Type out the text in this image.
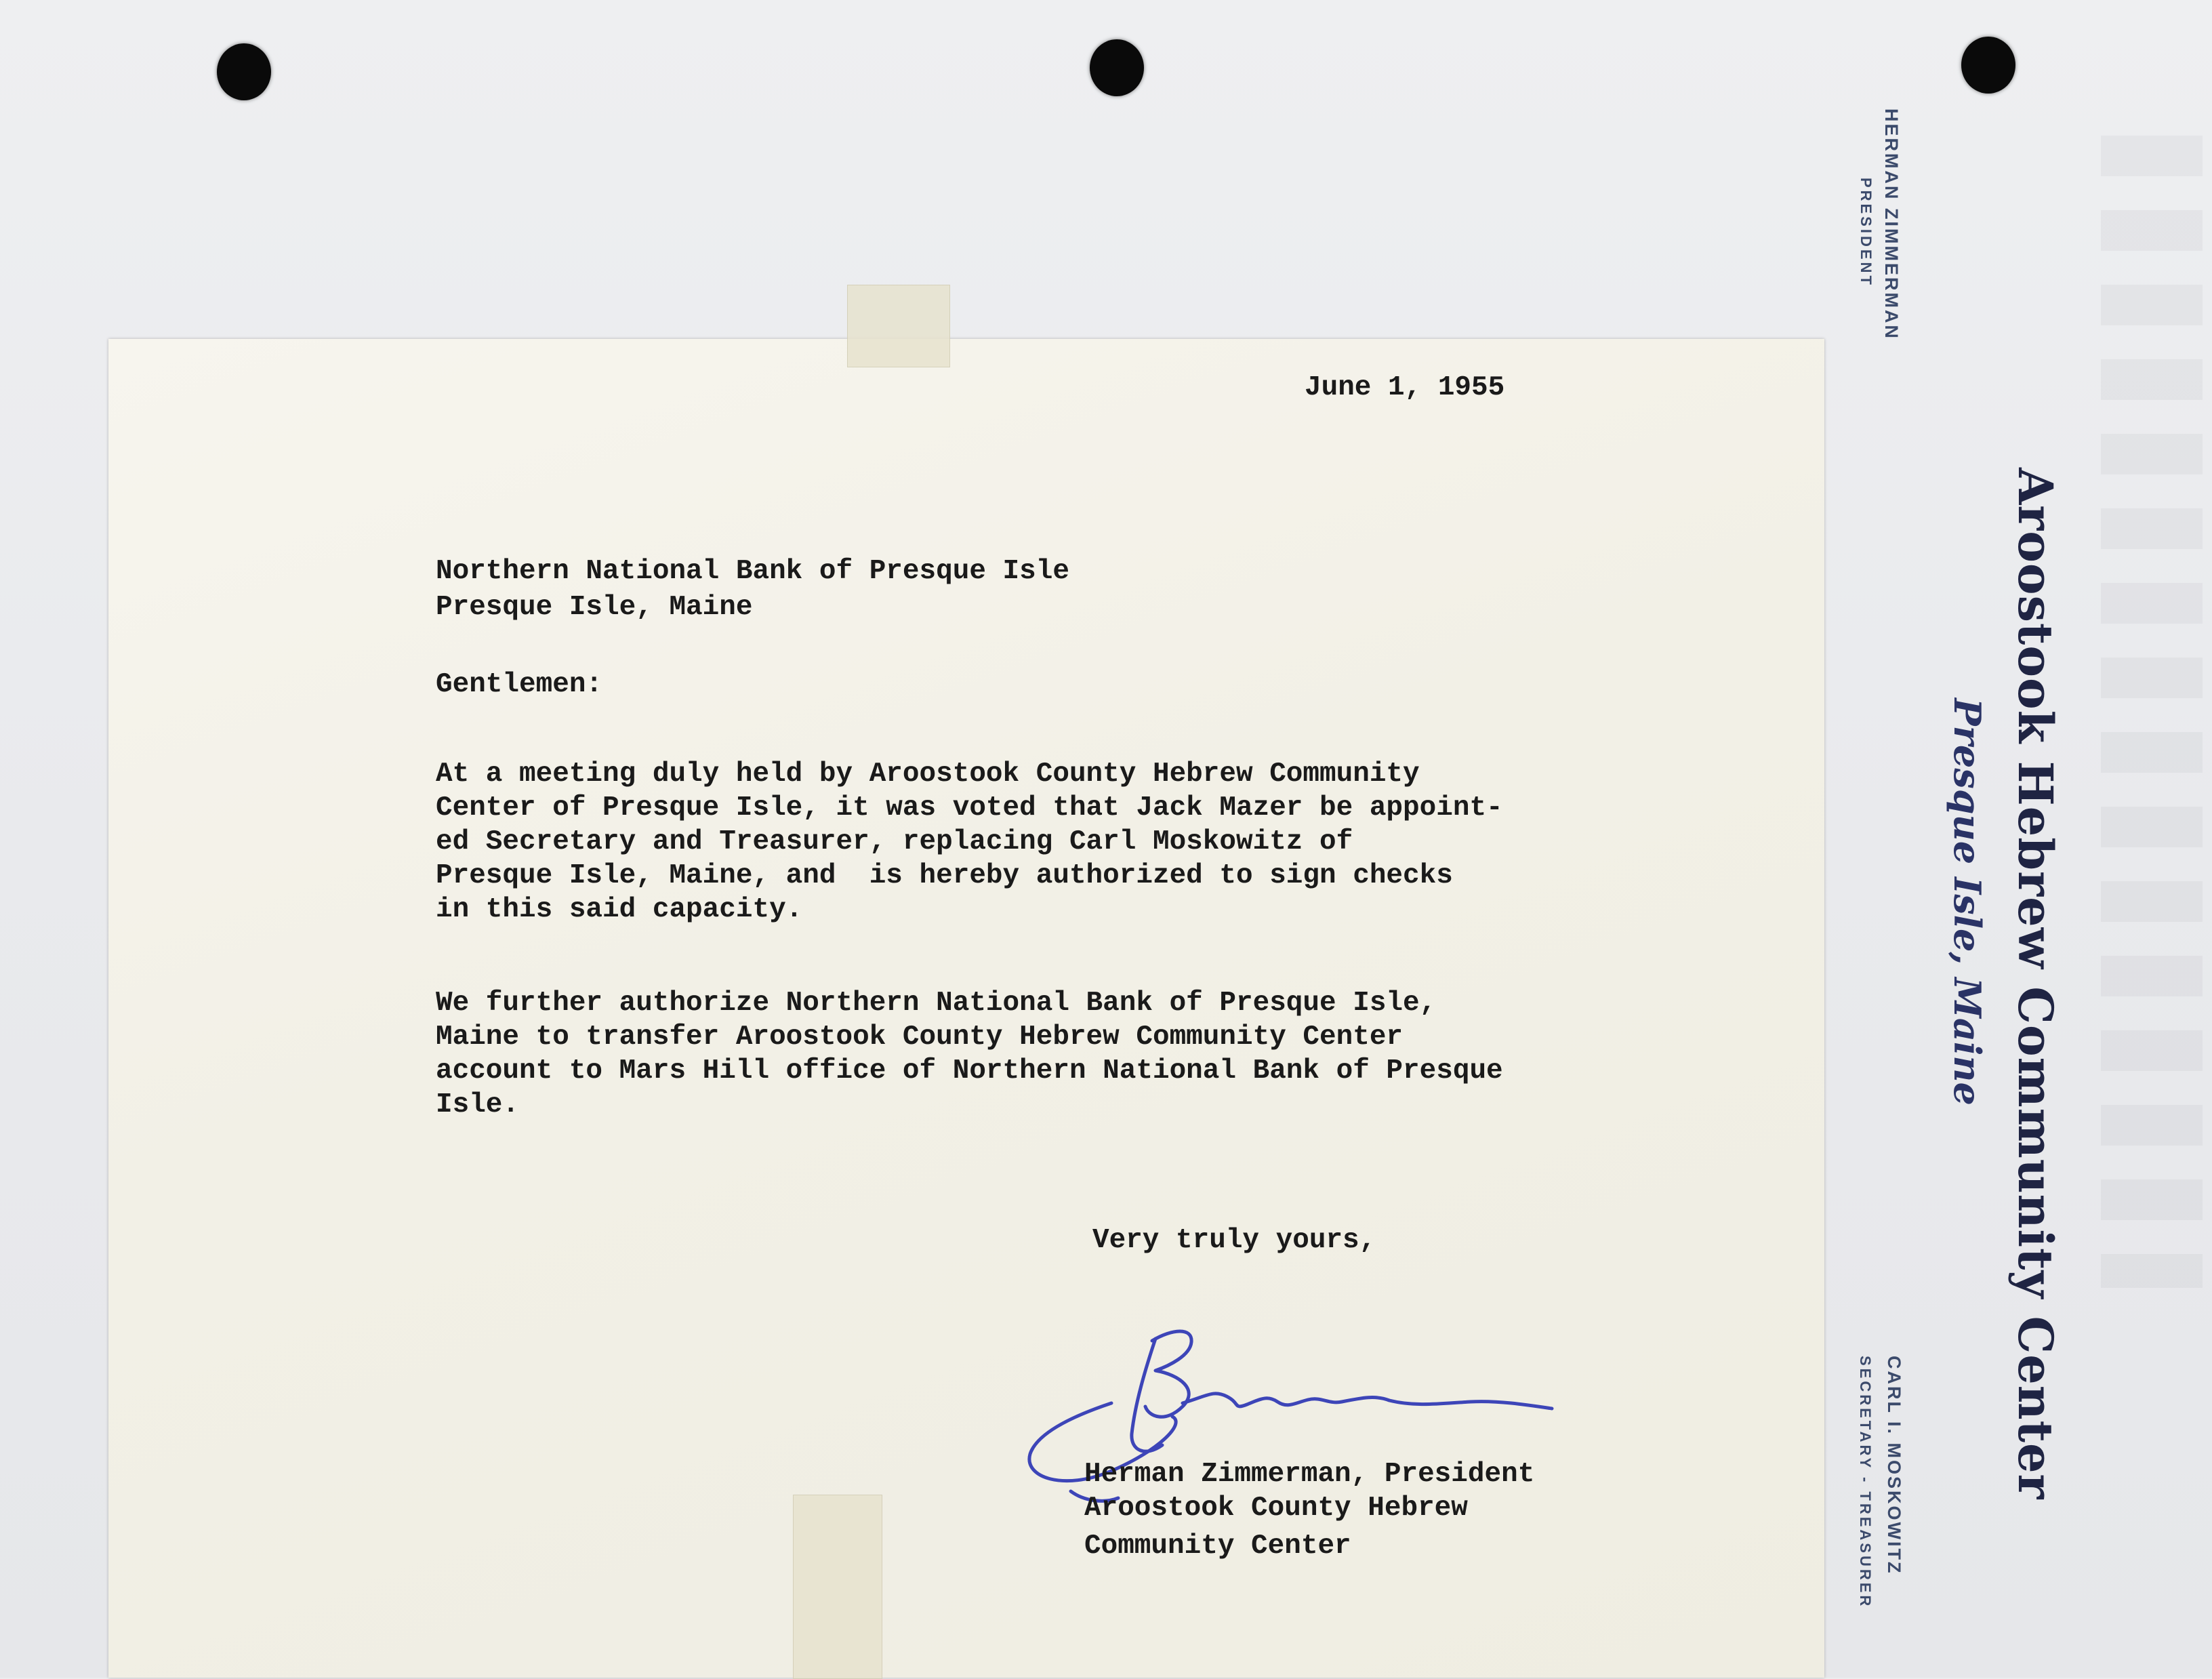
HERMAN ZIMMERMAN
PRESIDENT
Aroostook Hebrew Community Center
Presque Isle, Maine
CARL I. MOSKOWITZ
SECRETARY - TREASURER
June 1, 1955
Northern National Bank of Presque Isle
Presque Isle, Maine
Gentlemen:
At a meeting duly held by Aroostook County Hebrew Community
Center of Presque Isle, it was voted that Jack Mazer be appoint-
ed Secretary and Treasurer, replacing Carl Moskowitz of
Presque Isle, Maine, and  is hereby authorized to sign checks
in this said capacity.
We further authorize Northern National Bank of Presque Isle,
Maine to transfer Aroostook County Hebrew Community Center
account to Mars Hill office of Northern National Bank of Presque
Isle.
Very truly yours,
Herman Zimmerman, President
Aroostook County Hebrew
Community Center
